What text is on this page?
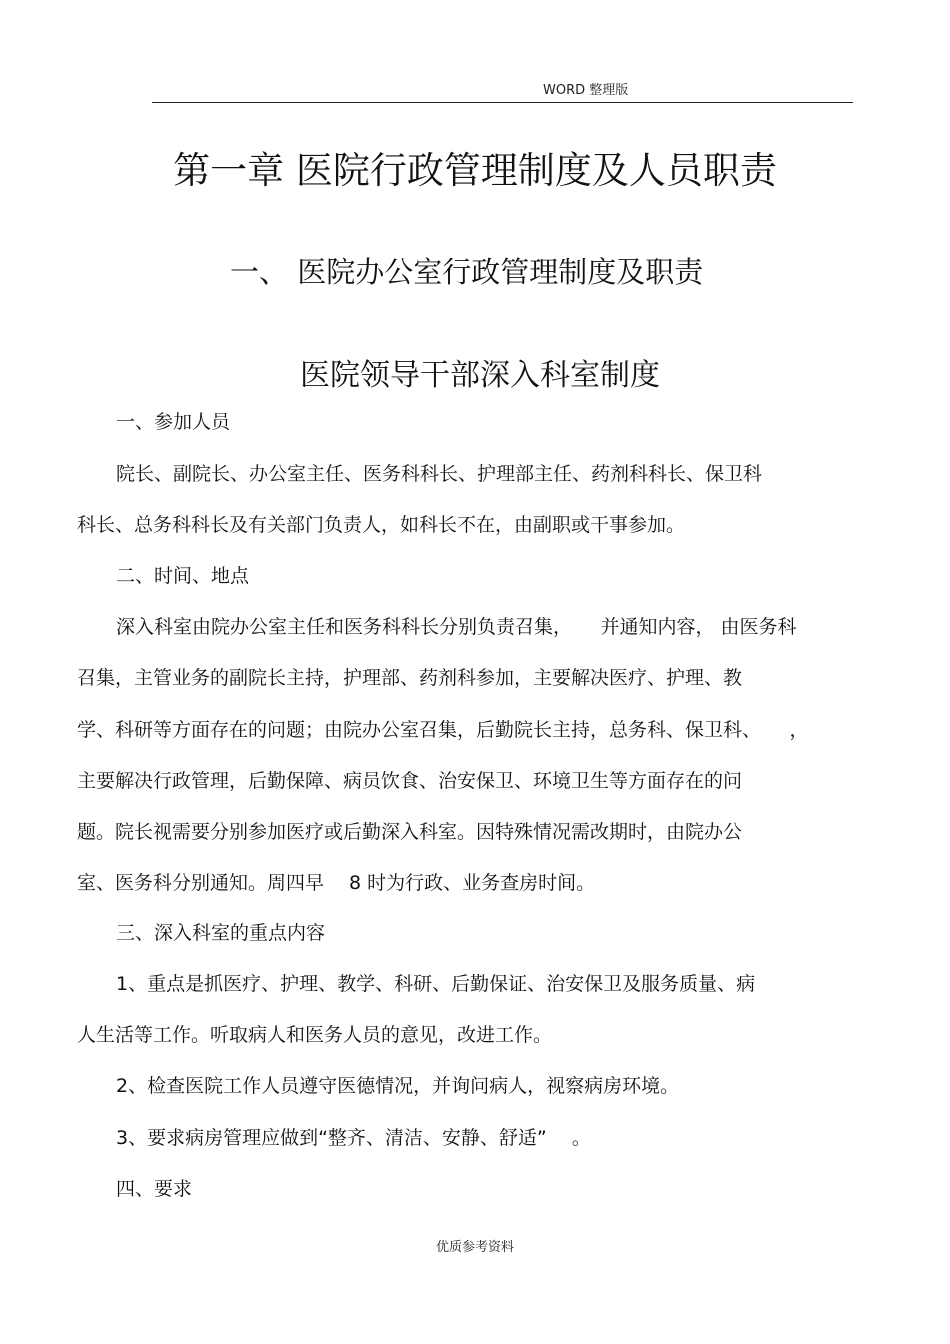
WORD 整理版
第一章 医院行政管理制度及人员职责
一、 医院办公室行政管理制度及职责
医院领导干部深入科室制度
一、参加人员
院长、副院长、办公室主任、医务科科长、护理部主任、药剂科科长、保卫科
科长、总务科科长及有关部门负责人，如科长不在，由副职或干事参加。
二、时间、地点
深入科室由院办公室主任和医务科科长分别负责召集，　　并通知内容， 由医务科
召集，主管业务的副院长主持，护理部、药剂科参加，主要解决医疗、护理、教
学、科研等方面存在的问题；由院办公室召集，后勤院长主持，总务科、保卫科、　　，
主要解决行政管理，后勤保障、病员饮食、治安保卫、环境卫生等方面存在的问
题。院长视需要分别参加医疗或后勤深入科室。因特殊情况需改期时，由院办公
室、医务科分别通知。周四早　 8 时为行政、业务查房时间。
三、深入科室的重点内容
1、重点是抓医疗、护理、教学、科研、后勤保证、治安保卫及服务质量、病
人生活等工作。听取病人和医务人员的意见，改进工作。
2、检查医院工作人员遵守医德情况，并询问病人，视察病房环境。
3、要求病房管理应做到“整齐、清洁、安静、舒适”　 。
四、要求
优质参考资料
